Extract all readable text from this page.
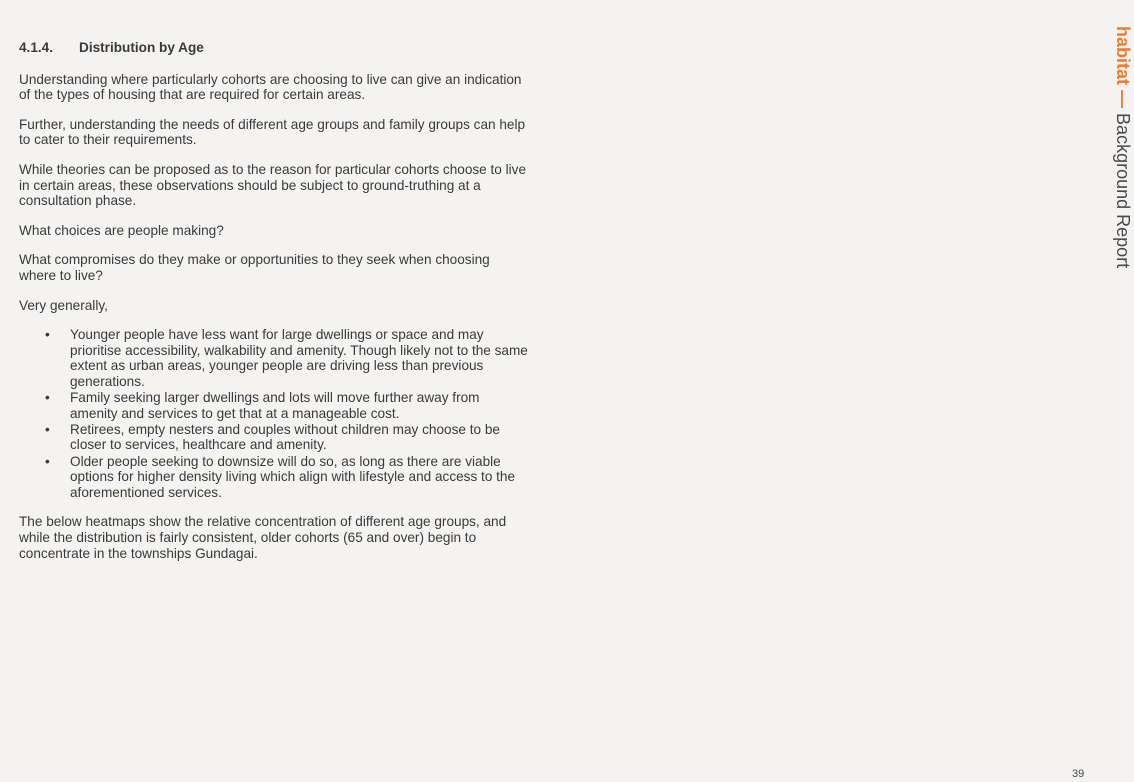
4.1.4. Distribution by Age

Understanding where particularly cohorts are choosing to live can give an indication of the types of housing that are required for certain areas.

Further, understanding the needs of different age groups and family groups can help to cater to their requirements.

While theories can be proposed as to the reason for particular cohorts choose to live in certain areas, these observations should be subject to ground-truthing at a consultation phase.

What choices are people making?

What compromises do they make or opportunities to they seek when choosing where to live?

Very generally,

• Younger people have less want for large dwellings or space and may prioritise accessibility, walkability and amenity. Though likely not to the same extent as urban areas, younger people are driving less than previous generations.
• Family seeking larger dwellings and lots will move further away from amenity and services to get that at a manageable cost.
• Retirees, empty nesters and couples without children may choose to be closer to services, healthcare and amenity.
• Older people seeking to downsize will do so, as long as there are viable options for higher density living which align with lifestyle and access to the aforementioned services.

The below heatmaps show the relative concentration of different age groups, and while the distribution is fairly consistent, older cohorts (65 and over) begin to concentrate in the townships Gundagai.

habitat — Background Report
39
